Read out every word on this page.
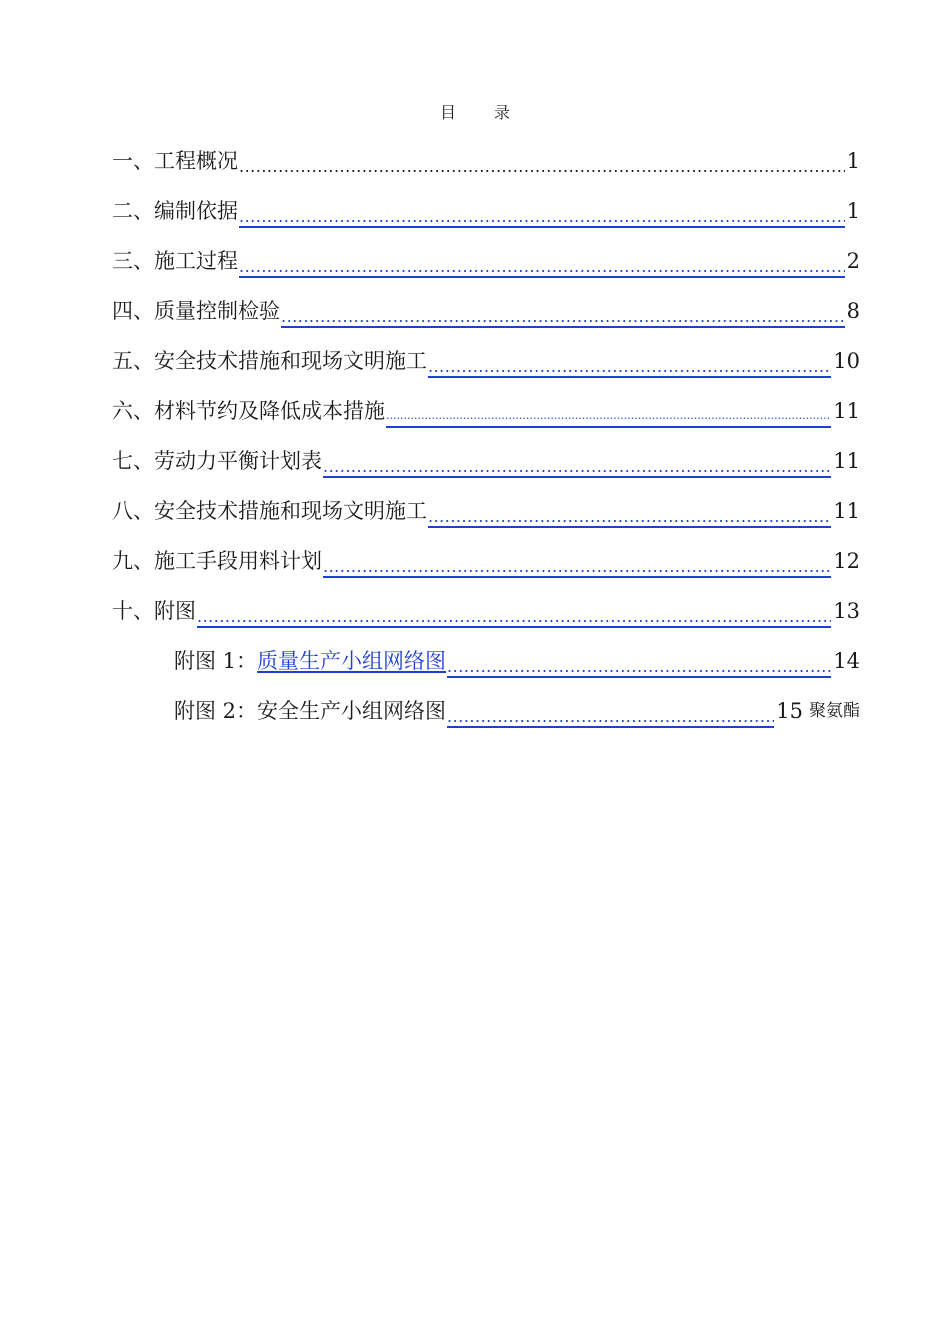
目 录
一、工程概况 .....	1
二、编制依据 .....	1
三、施工过程 .....	2
四、质量控制检验 .....	8
五、安全技术措施和现场文明施工 .....	10
六、材料节约及降低成本措施 .....	11
七、劳动力平衡计划表 .....	11
八、安全技术措施和现场文明施工 .....	11
九、施工手段用料计划 .....	12
十、附图 .....	13
附图 1：质量生产小组网络图 .....	14
附图 2：安全生产小组网络图 .....	15 聚氨酯
